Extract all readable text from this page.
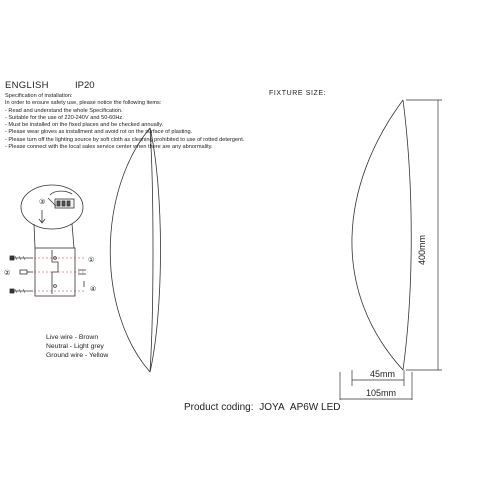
ENGLISH	IP20
Specification of installation:
In order to ensure safety use, please notice the following items:
- Read and understand the whole Specification.
- Suitable for the use of 220-240V and 50-60Hz.
- Must be installed on the fixed places and be checked annually.
- Please wear gloves as installment and avoid rot on the surface of plasting.
- Please turn off the lighting source by soft cloth as cleaning prohibited to use of rotted detergent.
- Please connect with the local sales service center when there are any abnormality.
FIXTURE SIZE:
③
①
②
④
Live wire - Brown
Neutral - Light grey
Ground wire - Yellow
400mm
45mm
105mm
Product coding: JOYA AP6W LED
